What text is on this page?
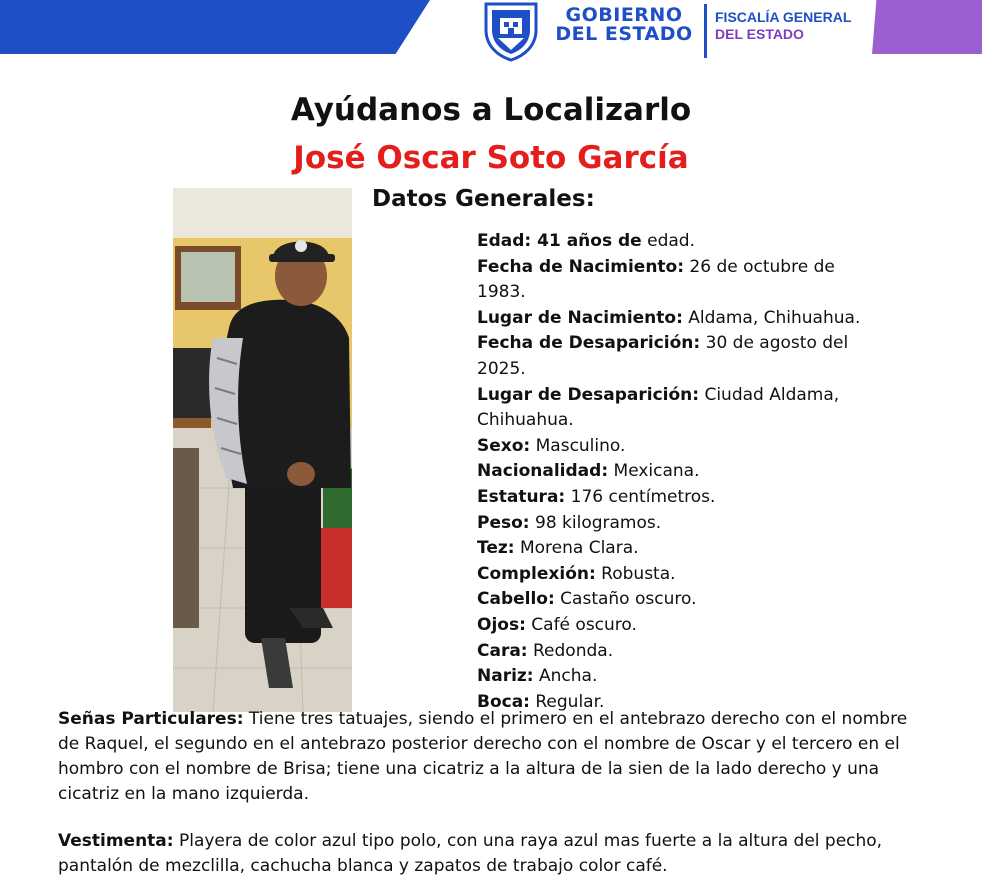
GOBIERNO
DEL ESTADO
FISCALÍA GENERAL
DEL ESTADO
Ayúdanos a Localizarlo
José Oscar Soto García
Datos Generales:
Edad: 41 años de edad.
Fecha de Nacimiento: 26 de octubre de 1983.
Lugar de Nacimiento: Aldama, Chihuahua.
Fecha de Desaparición: 30 de agosto del 2025.
Lugar de Desaparición: Ciudad Aldama, Chihuahua.
Sexo: Masculino.
Nacionalidad: Mexicana.
Estatura: 176 centímetros.
Peso: 98 kilogramos.
Tez: Morena Clara.
Complexión: Robusta.
Cabello: Castaño oscuro.
Ojos: Café oscuro.
Cara: Redonda.
Nariz: Ancha.
Boca: Regular.
Señas Particulares: Tiene tres tatuajes, siendo el primero en el antebrazo derecho con el nombre de Raquel, el segundo en el antebrazo posterior derecho con el nombre de Oscar y el tercero en el hombro con el nombre de Brisa; tiene una cicatriz a la altura de la sien de la lado derecho y una cicatriz en la mano izquierda.
Vestimenta: Playera de color azul tipo polo, con una raya azul mas fuerte a la altura del pecho, pantalón de mezclilla, cachucha blanca y zapatos de trabajo color café.
